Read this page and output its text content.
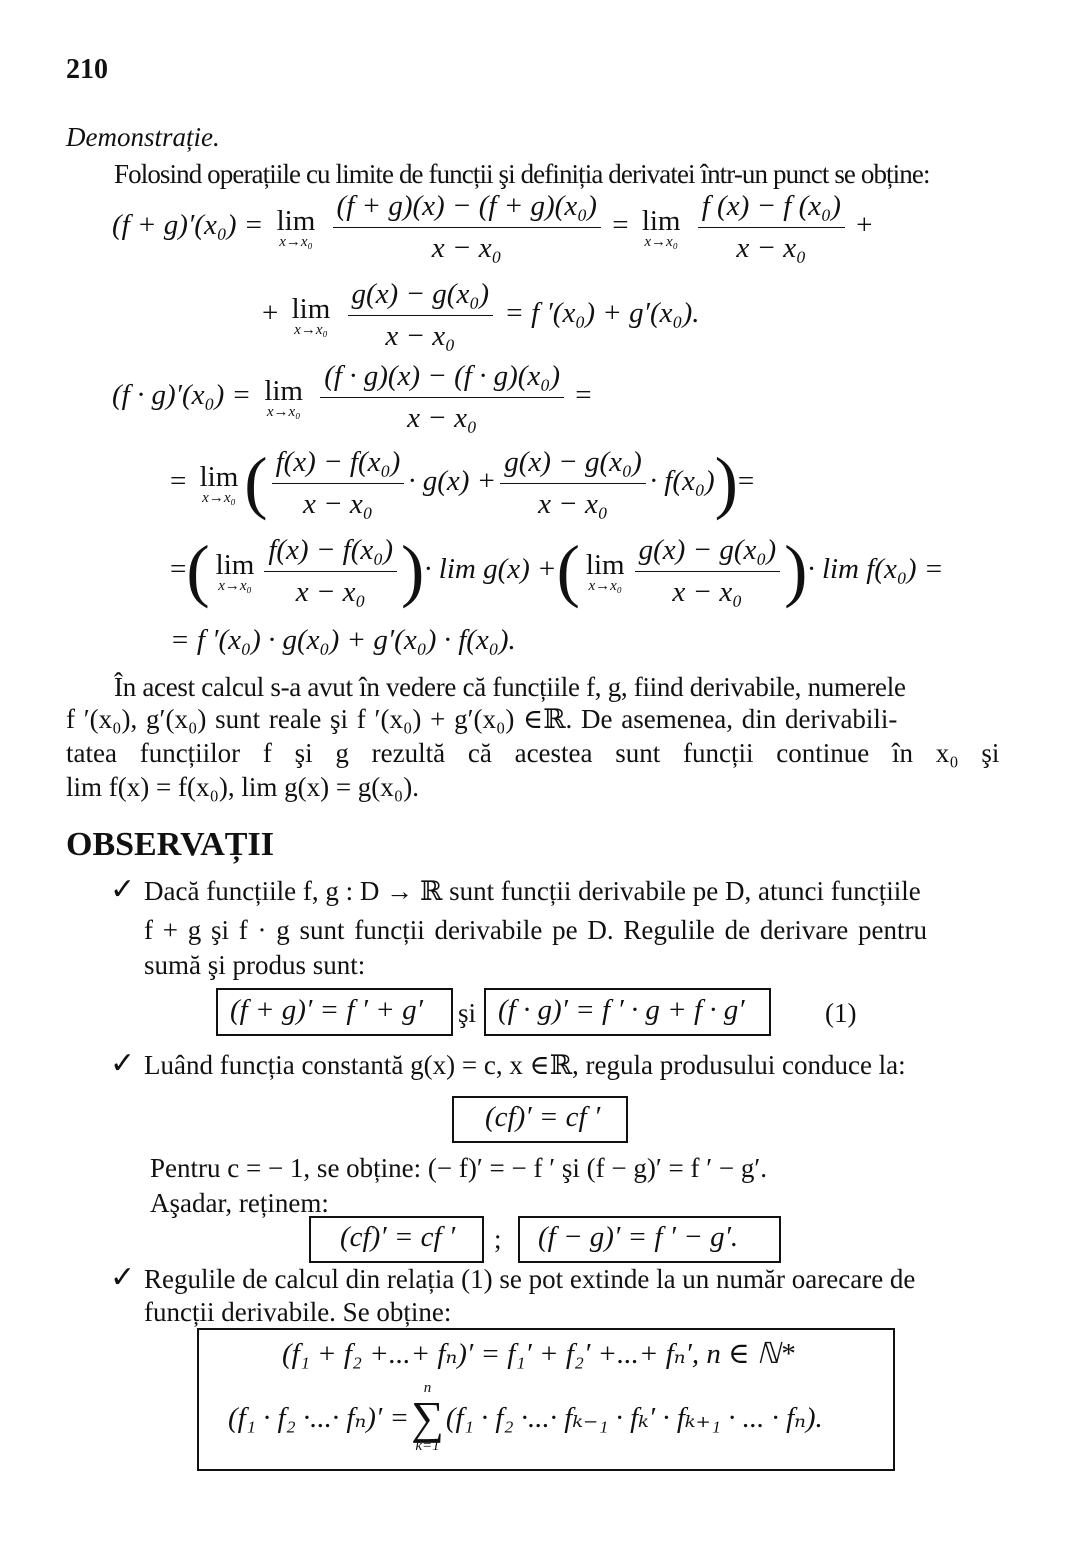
210
Demonstrație.
Folosind operațiile cu limite de funcții şi definiția derivatei într-un punct se obține:
(f + g)′(x₀) = lim
x→x₀
$\frac{\text{(f + g)(x) − (f + g)(x₀)}}{\text{x − x₀}} = \lim$
x→x₀
$\frac{\text{f (x) − f (x₀)}}{\text{x − x₀}}$ +
+ lim
x→x₀
$\frac{\text{g(x) − g(x₀)}}{\text{x − x₀}} = f$ ′(x₀) + g′(x₀).
(f · g)′(x₀) = lim
x→x₀
$\frac{\text{(f · g)(x) − (f · g)(x₀)}}{\text{x − x₀}}$ =
= lim
x→x₀ ( $\frac{\text{f(x) − f(x₀)}}{\text{x − x₀}} \cdot g(x) + \frac{\text{g(x) − g(x₀)}}{\text{x − x₀}} \cdot f(x_0))=$
=( lim
$x\to x_0 \frac{\text{f(x) − f(x₀)}}{\text{x − x₀}}$ )· lim g(x) +( lim
$x\to x_0 \frac{\text{g(x) − g(x₀)}}{\text{x − x₀}}$ )· lim f(x₀) =
= f ′(x₀) · g(x₀) + g′(x₀) · f(x₀).
În acest calcul s-a avut în vedere că funcțiile f, g, fiind derivabile, numerele
f ′(x₀), g′(x₀) sunt reale şi f ′(x₀) + g′(x₀) ∈ℝ. De asemenea, din derivabili-
tatea funcțiilor f şi g rezultă că acestea sunt funcții continue în x₀ şi
lim f(x) = f(x₀), lim g(x) = g(x₀).
OBSERVAȚII
✓ Dacă funcțiile f, g : D → ℝ sunt funcții derivabile pe D, atunci funcțiile
f + g şi f · g sunt funcții derivabile pe D. Regulile de derivare pentru
sumă şi produs sunt:
(f + g)′ = f ′ + g′ şi (f · g)′ = f ′ · g + f · g′	(1)
✓ Luând funcția constantă g(x) = c, x ∈ℝ, regula produsului conduce la:
(cf)′ = cf ′
Pentru c = − 1, se obține: (− f)′ = − f ′ şi (f − g)′ = f ′ − g′.
Aşadar, reținem:
(cf)′ = cf ′ ; (f − g)′ = f ′ − g′.
✓ Regulile de calcul din relația (1) se pot extinde la un număr oarecare de
funcții derivabile. Se obține:
(f₁ + f₂ +...+ fₙ)′ = f₁′ + f₂′ +...+ fₙ′, n ∈ ℕ*
(f₁ · f₂ ·...· fₙ)′ =
n
∑
k=1
(f₁ · f₂ ·...· fₖ₋₁ · fₖ′ · fₖ₊₁ · ... · fₙ).
